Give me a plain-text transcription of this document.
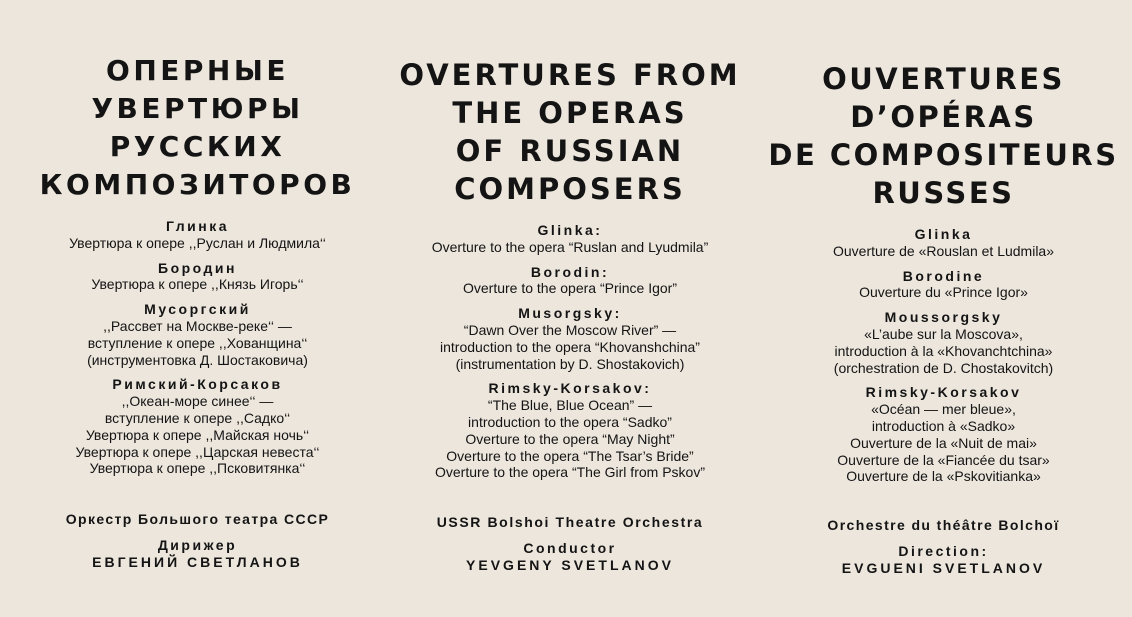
ОПЕРНЫЕ
УВЕРТЮРЫ
РУССКИХ
КОМПОЗИТОРОВ
Глинка
Увертюра к опере ,,Руслан и Людмила‘‘
Бородин
Увертюра к опере ,,Князь Игорь‘‘
Мусоргский
,,Рассвет на Москве-реке‘‘ —
вступление к опере ,,Хованщина‘‘
(инструментовка Д. Шостаковича)
Римский-Корсаков
,,Океан-море синее‘‘ —
вступление к опере ,,Садко‘‘
Увертюра к опере ,,Майская ночь‘‘
Увертюра к опере ,,Царская невеста‘‘
Увертюра к опере ,,Псковитянка‘‘
Оркестр Большого театра СССР
Дирижер
ЕВГЕНИЙ СВЕТЛАНОВ
OVERTURES FROM
THE OPERAS
OF RUSSIAN
COMPOSERS
Glinka:
Overture to the opera “Ruslan and Lyudmila”
Borodin:
Overture to the opera “Prince Igor”
Musorgsky:
“Dawn Over the Moscow River” —
introduction to the opera “Khovanshchina”
(instrumentation by D. Shostakovich)
Rimsky-Korsakov:
“The Blue, Blue Ocean” —
introduction to the opera “Sadko”
Overture to the opera “May Night”
Overture to the opera “The Tsar’s Bride”
Overture to the opera “The Girl from Pskov”
USSR Bolshoi Theatre Orchestra
Conductor
YEVGENY SVETLANOV
OUVERTURES
D’OPÉRAS
DE COMPOSITEURS
RUSSES
Glinka
Ouverture de «Rouslan et Ludmila»
Borodine
Ouverture du «Prince Igor»
Moussorgsky
«L’aube sur la Moscova»,
introduction à la «Khovanchtchina»
(orchestration de D. Chostakovitch)
Rimsky-Korsakov
«Océan — mer bleue»,
introduction à «Sadko»
Ouverture de la «Nuit de mai»
Ouverture de la «Fiancée du tsar»
Ouverture de la «Pskovitianka»
Orchestre du théâtre Bolchoï
Direction:
EVGUENI SVETLANOV
